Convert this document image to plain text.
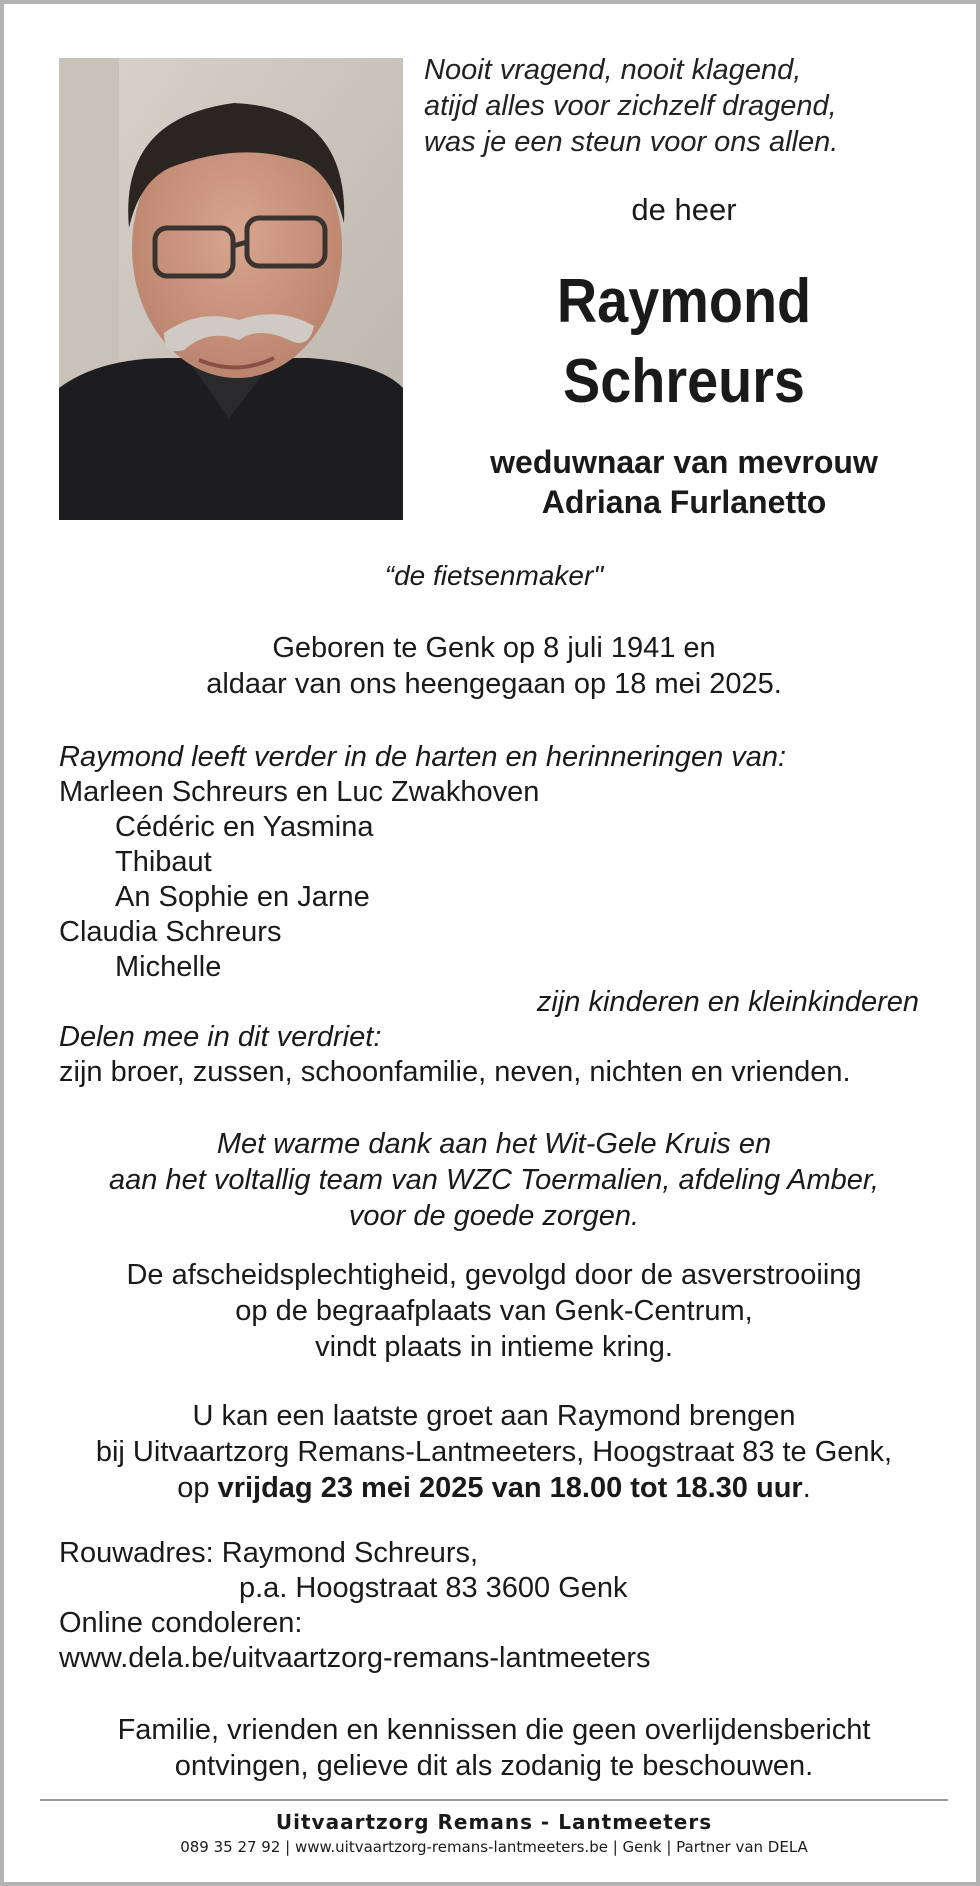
Nooit vragend, nooit klagend,
atijd alles voor zichzelf dragend,
was je een steun voor ons allen.
de heer
Raymond
Schreurs
weduwnaar van mevrouw
Adriana Furlanetto
“de fietsenmaker"
Geboren te Genk op 8 juli 1941 en
aldaar van ons heengegaan op 18 mei 2025.
Raymond leeft verder in de harten en herinneringen van:
Marleen Schreurs en Luc Zwakhoven
Cédéric en Yasmina
Thibaut
An Sophie en Jarne
Claudia Schreurs
Michelle
zijn kinderen en kleinkinderen
Delen mee in dit verdriet:
zijn broer, zussen, schoonfamilie, neven, nichten en vrienden.
Met warme dank aan het Wit-Gele Kruis en
aan het voltallig team van WZC Toermalien, afdeling Amber,
voor de goede zorgen.
De afscheidsplechtigheid, gevolgd door de asverstrooiing
op de begraafplaats van Genk-Centrum,
vindt plaats in intieme kring.
U kan een laatste groet aan Raymond brengen
bij Uitvaartzorg Remans-Lantmeeters, Hoogstraat 83 te Genk,
op vrijdag 23 mei 2025 van 18.00 tot 18.30 uur.
Rouwadres: Raymond Schreurs,
p.a. Hoogstraat 83 3600 Genk
Online condoleren:
www.dela.be/uitvaartzorg-remans-lantmeeters
Familie, vrienden en kennissen die geen overlijdensbericht
ontvingen, gelieve dit als zodanig te beschouwen.
Uitvaartzorg Remans - Lantmeeters
089 35 27 92 | www.uitvaartzorg-remans-lantmeeters.be | Genk | Partner van DELA
